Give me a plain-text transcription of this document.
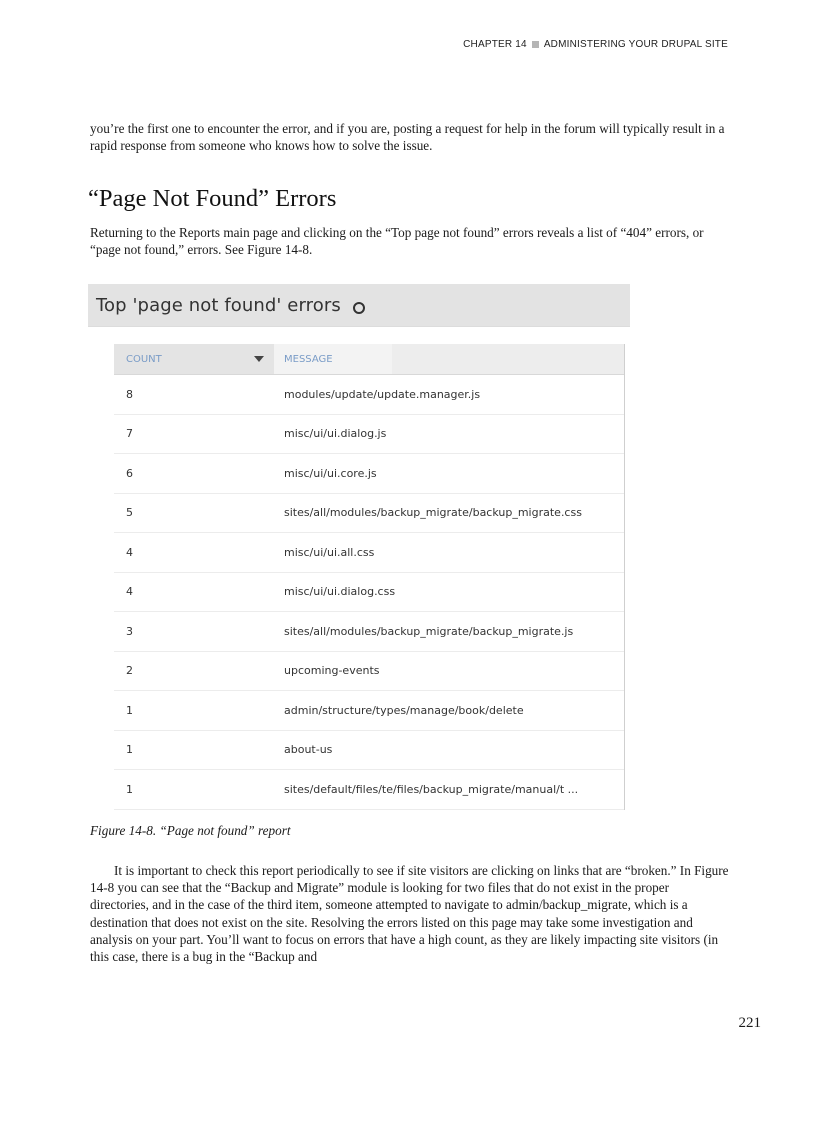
CHAPTER 14 ADMINISTERING YOUR DRUPAL SITE

you’re the first one to encounter the error, and if you are, posting a request for help in the forum will typically result in a rapid response from someone who knows how to solve the issue.

“Page Not Found” Errors

Returning to the Reports main page and clicking on the “Top page not found” errors reveals a list of “404” errors, or “page not found,” errors. See Figure 14-8.

Top 'page not found' errors
COUNT	MESSAGE
8	modules/update/update.manager.js
7	misc/ui/ui.dialog.js
6	misc/ui/ui.core.js
5	sites/all/modules/backup_migrate/backup_migrate.css
4	misc/ui/ui.all.css
4	misc/ui/ui.dialog.css
3	sites/all/modules/backup_migrate/backup_migrate.js
2	upcoming-events
1	admin/structure/types/manage/book/delete
1	about-us
1	sites/default/files/te/files/backup_migrate/manual/t ...

Figure 14-8. “Page not found” report

It is important to check this report periodically to see if site visitors are clicking on links that are “broken.” In Figure 14-8 you can see that the “Backup and Migrate” module is looking for two files that do not exist in the proper directories, and in the case of the third item, someone attempted to navigate to admin/backup_migrate, which is a destination that does not exist on the site. Resolving the errors listed on this page may take some investigation and analysis on your part. You’ll want to focus on errors that have a high count, as they are likely impacting site visitors (in this case, there is a bug in the “Backup and

221
